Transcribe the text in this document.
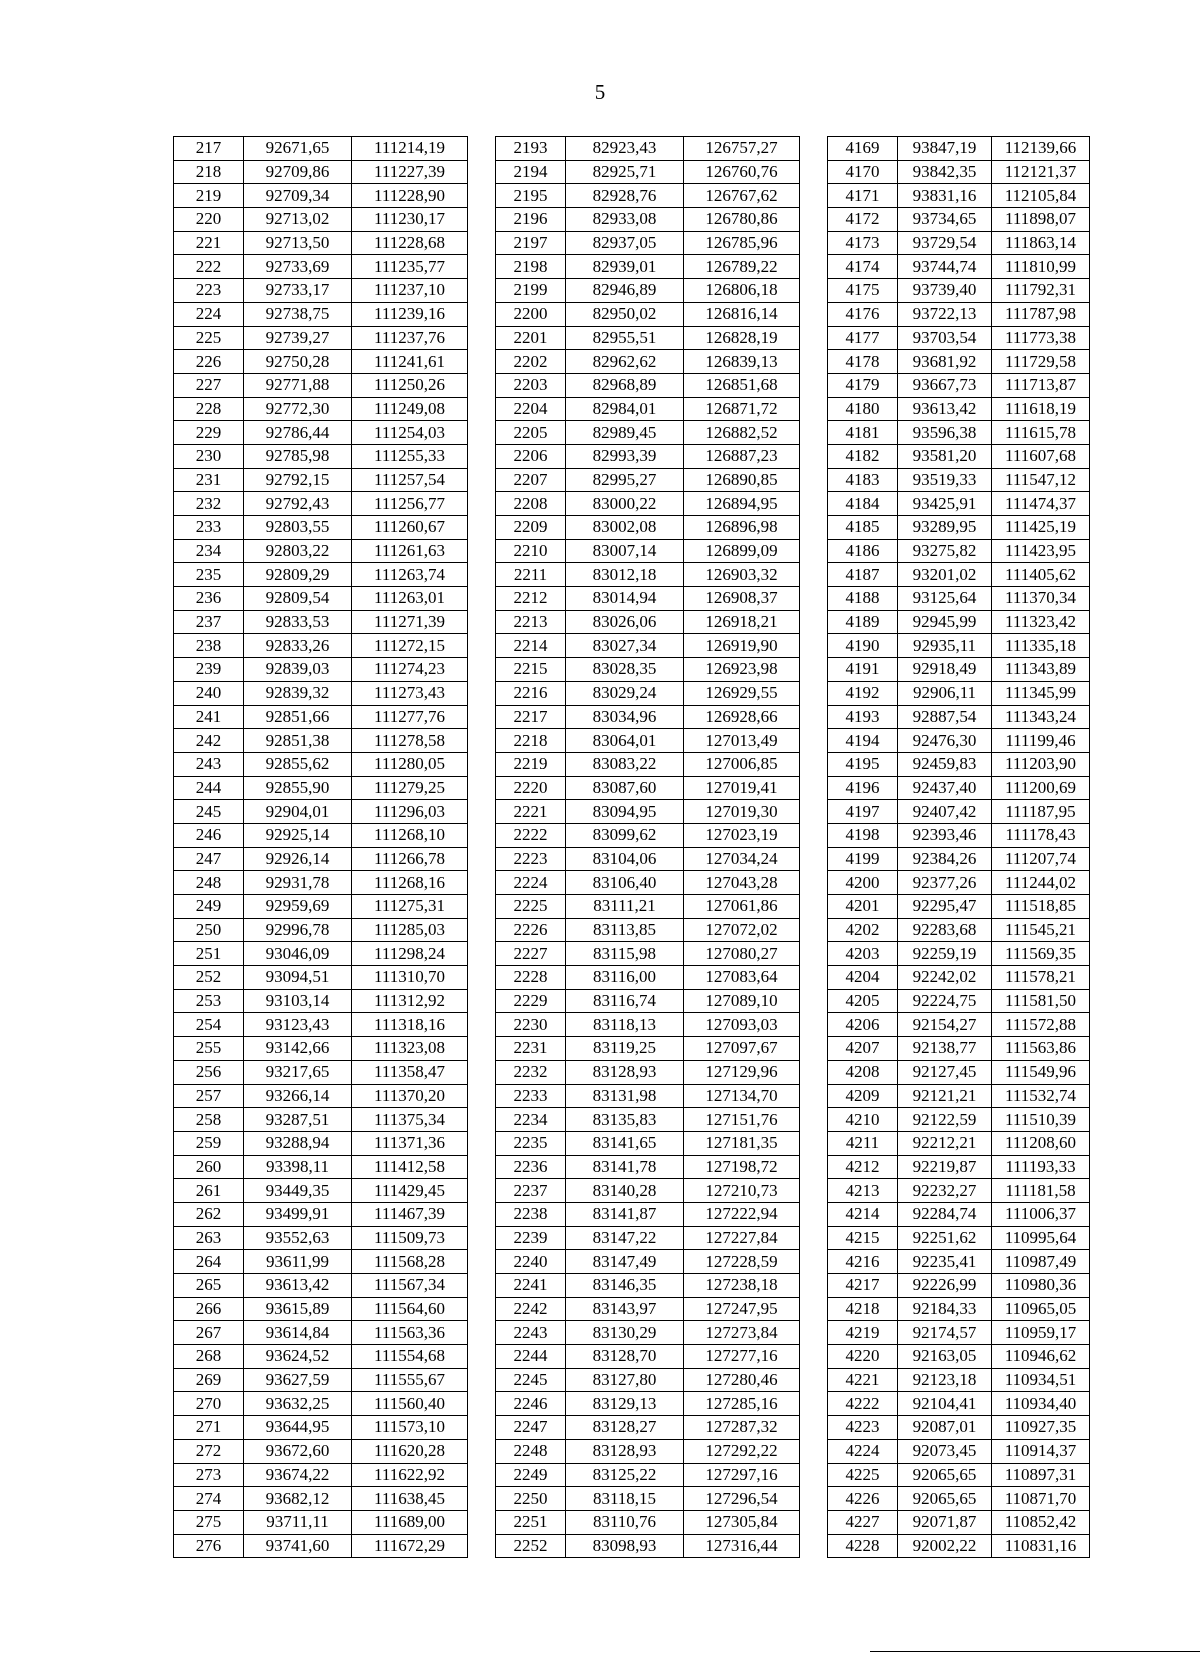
5
217	92671,65	111214,19		2193	82923,43	126757,27		4169	93847,19	112139,66
218	92709,86	111227,39		2194	82925,71	126760,76		4170	93842,35	112121,37
219	92709,34	111228,90		2195	82928,76	126767,62		4171	93831,16	112105,84
220	92713,02	111230,17		2196	82933,08	126780,86		4172	93734,65	111898,07
221	92713,50	111228,68		2197	82937,05	126785,96		4173	93729,54	111863,14
222	92733,69	111235,77		2198	82939,01	126789,22		4174	93744,74	111810,99
223	92733,17	111237,10		2199	82946,89	126806,18		4175	93739,40	111792,31
224	92738,75	111239,16		2200	82950,02	126816,14		4176	93722,13	111787,98
225	92739,27	111237,76		2201	82955,51	126828,19		4177	93703,54	111773,38
226	92750,28	111241,61		2202	82962,62	126839,13		4178	93681,92	111729,58
227	92771,88	111250,26		2203	82968,89	126851,68		4179	93667,73	111713,87
228	92772,30	111249,08		2204	82984,01	126871,72		4180	93613,42	111618,19
229	92786,44	111254,03		2205	82989,45	126882,52		4181	93596,38	111615,78
230	92785,98	111255,33		2206	82993,39	126887,23		4182	93581,20	111607,68
231	92792,15	111257,54		2207	82995,27	126890,85		4183	93519,33	111547,12
232	92792,43	111256,77		2208	83000,22	126894,95		4184	93425,91	111474,37
233	92803,55	111260,67		2209	83002,08	126896,98		4185	93289,95	111425,19
234	92803,22	111261,63		2210	83007,14	126899,09		4186	93275,82	111423,95
235	92809,29	111263,74		2211	83012,18	126903,32		4187	93201,02	111405,62
236	92809,54	111263,01		2212	83014,94	126908,37		4188	93125,64	111370,34
237	92833,53	111271,39		2213	83026,06	126918,21		4189	92945,99	111323,42
238	92833,26	111272,15		2214	83027,34	126919,90		4190	92935,11	111335,18
239	92839,03	111274,23		2215	83028,35	126923,98		4191	92918,49	111343,89
240	92839,32	111273,43		2216	83029,24	126929,55		4192	92906,11	111345,99
241	92851,66	111277,76		2217	83034,96	126928,66		4193	92887,54	111343,24
242	92851,38	111278,58		2218	83064,01	127013,49		4194	92476,30	111199,46
243	92855,62	111280,05		2219	83083,22	127006,85		4195	92459,83	111203,90
244	92855,90	111279,25		2220	83087,60	127019,41		4196	92437,40	111200,69
245	92904,01	111296,03		2221	83094,95	127019,30		4197	92407,42	111187,95
246	92925,14	111268,10		2222	83099,62	127023,19		4198	92393,46	111178,43
247	92926,14	111266,78		2223	83104,06	127034,24		4199	92384,26	111207,74
248	92931,78	111268,16		2224	83106,40	127043,28		4200	92377,26	111244,02
249	92959,69	111275,31		2225	83111,21	127061,86		4201	92295,47	111518,85
250	92996,78	111285,03		2226	83113,85	127072,02		4202	92283,68	111545,21
251	93046,09	111298,24		2227	83115,98	127080,27		4203	92259,19	111569,35
252	93094,51	111310,70		2228	83116,00	127083,64		4204	92242,02	111578,21
253	93103,14	111312,92		2229	83116,74	127089,10		4205	92224,75	111581,50
254	93123,43	111318,16		2230	83118,13	127093,03		4206	92154,27	111572,88
255	93142,66	111323,08		2231	83119,25	127097,67		4207	92138,77	111563,86
256	93217,65	111358,47		2232	83128,93	127129,96		4208	92127,45	111549,96
257	93266,14	111370,20		2233	83131,98	127134,70		4209	92121,21	111532,74
258	93287,51	111375,34		2234	83135,83	127151,76		4210	92122,59	111510,39
259	93288,94	111371,36		2235	83141,65	127181,35		4211	92212,21	111208,60
260	93398,11	111412,58		2236	83141,78	127198,72		4212	92219,87	111193,33
261	93449,35	111429,45		2237	83140,28	127210,73		4213	92232,27	111181,58
262	93499,91	111467,39		2238	83141,87	127222,94		4214	92284,74	111006,37
263	93552,63	111509,73		2239	83147,22	127227,84		4215	92251,62	110995,64
264	93611,99	111568,28		2240	83147,49	127228,59		4216	92235,41	110987,49
265	93613,42	111567,34		2241	83146,35	127238,18		4217	92226,99	110980,36
266	93615,89	111564,60		2242	83143,97	127247,95		4218	92184,33	110965,05
267	93614,84	111563,36		2243	83130,29	127273,84		4219	92174,57	110959,17
268	93624,52	111554,68		2244	83128,70	127277,16		4220	92163,05	110946,62
269	93627,59	111555,67		2245	83127,80	127280,46		4221	92123,18	110934,51
270	93632,25	111560,40		2246	83129,13	127285,16		4222	92104,41	110934,40
271	93644,95	111573,10		2247	83128,27	127287,32		4223	92087,01	110927,35
272	93672,60	111620,28		2248	83128,93	127292,22		4224	92073,45	110914,37
273	93674,22	111622,92		2249	83125,22	127297,16		4225	92065,65	110897,31
274	93682,12	111638,45		2250	83118,15	127296,54		4226	92065,65	110871,70
275	93711,11	111689,00		2251	83110,76	127305,84		4227	92071,87	110852,42
276	93741,60	111672,29		2252	83098,93	127316,44		4228	92002,22	110831,16
